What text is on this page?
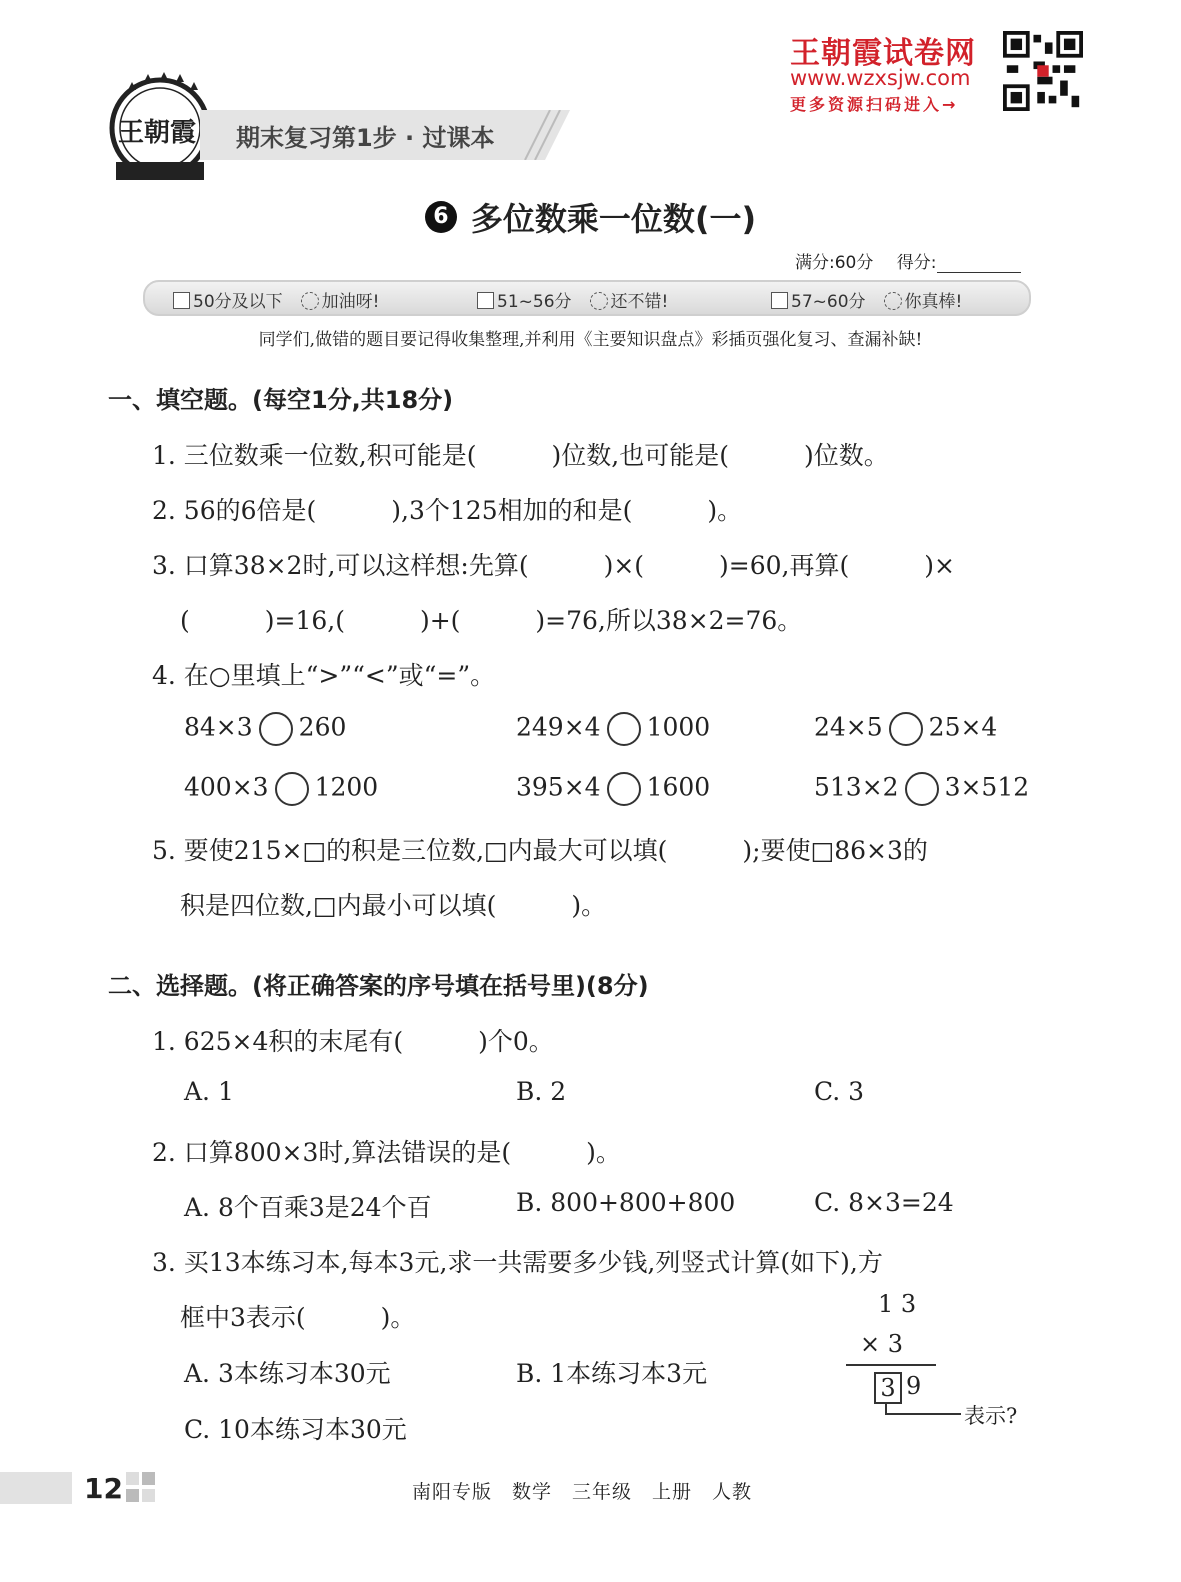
王朝霞 期末复习第1步 · 过课本
王朝霞试卷网
www.wzxsjw.com
更多资源扫码进入→
6 多位数乘一位数(一)
满分:60分 得分:
50分及以下 加油呀!	51~56分 还不错!	57~60分 你真棒!
同学们,做错的题目要记得收集整理,并利用《主要知识盘点》彩插页强化复习、查漏补缺!
一、填空题。(每空1分,共18分)
1. 三位数乘一位数,积可能是(　　　)位数,也可能是(　　　)位数。
2. 56的6倍是(　　　),3个125相加的和是(　　　)。
3. 口算38×2时,可以这样想:先算(　　　)×(　　　)=60,再算(　　　)×
(　　　)=16,(　　　)+(　　　)=76,所以38×2=76。
4. 在○里填上“>”“<”或“=”。
84×3 260	249×4 1000	24×5 25×4
400×3 1200	395×4 1600	513×2 3×512
5. 要使215×□的积是三位数,□内最大可以填(　　　);要使□86×3的
积是四位数,□内最小可以填(　　　)。
二、选择题。(将正确答案的序号填在括号里)(8分)
1. 625×4积的末尾有(　　　)个0。
A. 1	B. 2	C. 3
2. 口算800×3时,算法错误的是(　　　)。
A. 8个百乘3是24个百	B. 800+800+800	C. 8×3=24
3. 买13本练习本,每本3元,求一共需要多少钱,列竖式计算(如下),方
框中3表示(　　　)。
A. 3本练习本30元	B. 1本练习本3元
C. 10本练习本30元
1 3
× 3
3 9
表示?
12	南阳专版　数学　三年级　上册　人教
